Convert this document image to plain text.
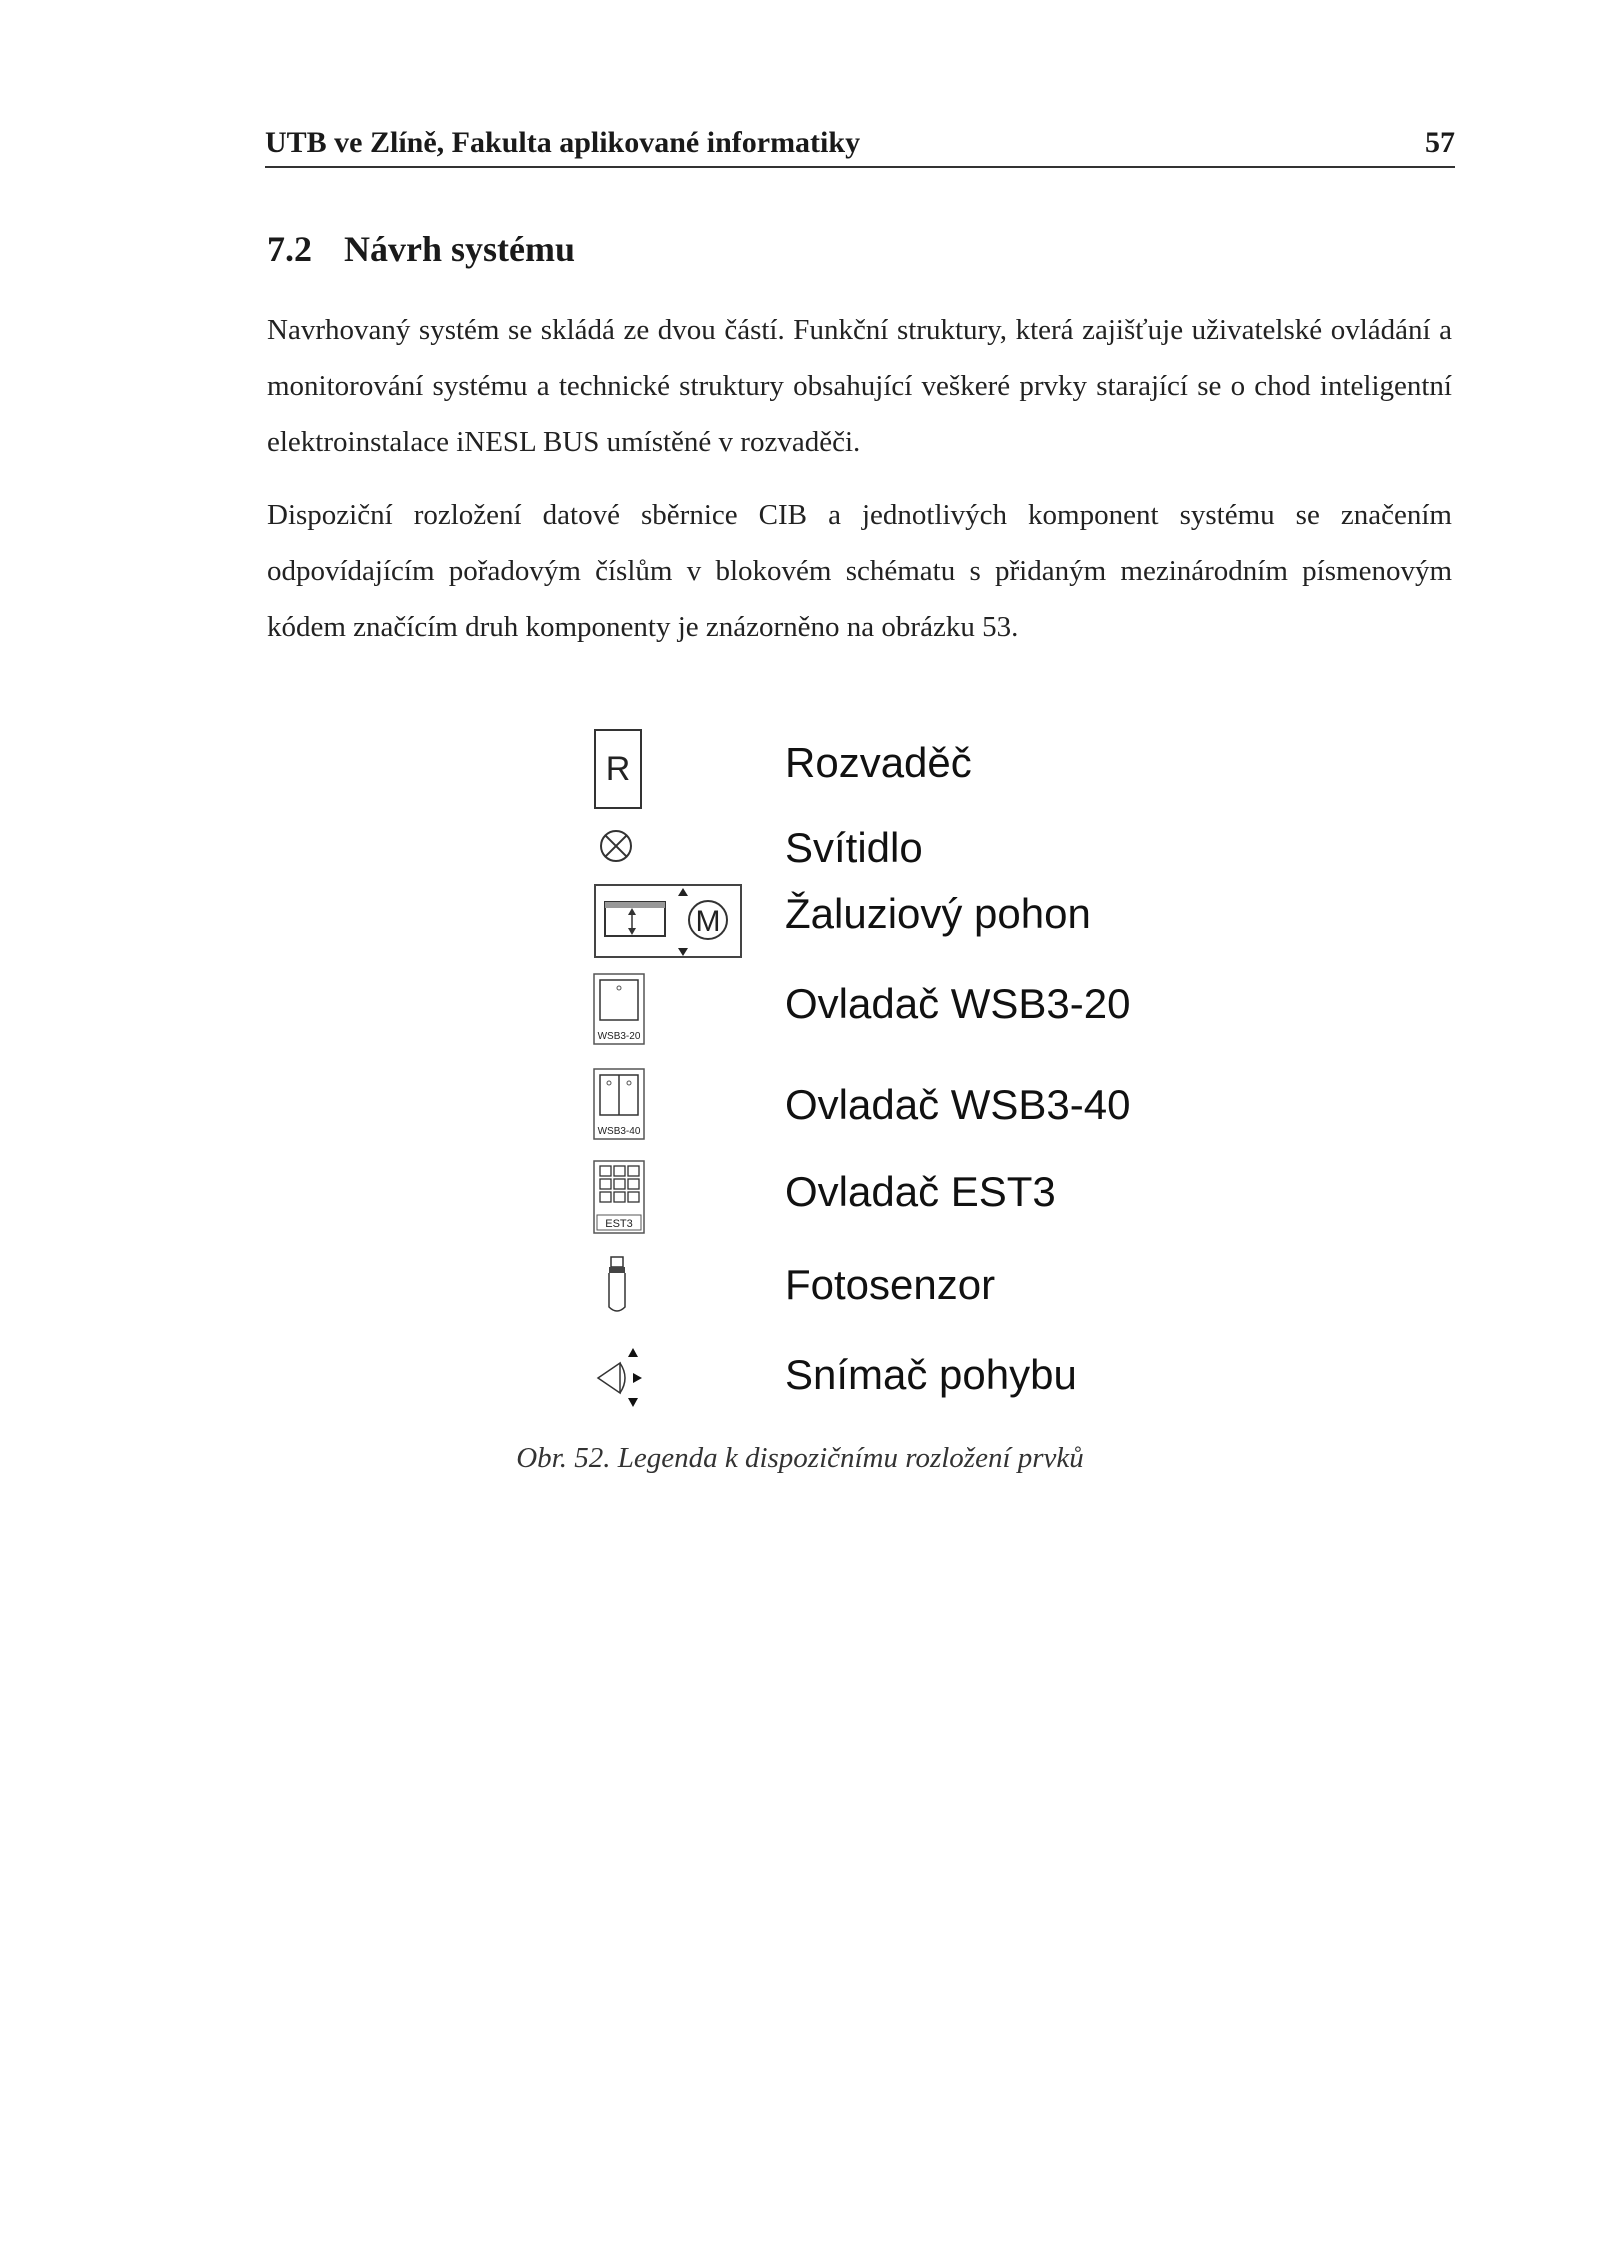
UTB ve Zlíně, Fakulta aplikované informatiky	57
7.2 Návrh systému
Navrhovaný systém se skládá ze dvou částí. Funkční struktury, která zajišťuje uživatelské ovládání a monitorování systému a technické struktury obsahující veškeré prvky starající se o chod inteligentní elektroinstalace iNESL BUS umístěné v rozvaděči.
Dispoziční rozložení datové sběrnice CIB a jednotlivých komponent systému se značením odpovídajícím pořadovým číslům v blokovém schématu s přidaným mezinárodním písmenovým kódem značícím druh komponenty je znázorněno na obrázku 53.
R	Rozvaděč
Svítidlo
M Žaluziový pohon
WSB3-20
Ovladač WSB3-20
WSB3-40
Ovladač WSB3-40
EST3
Ovladač EST3
Fotosenzor
Snímač pohybu
Obr. 52. Legenda k dispozičnímu rozložení prvků
